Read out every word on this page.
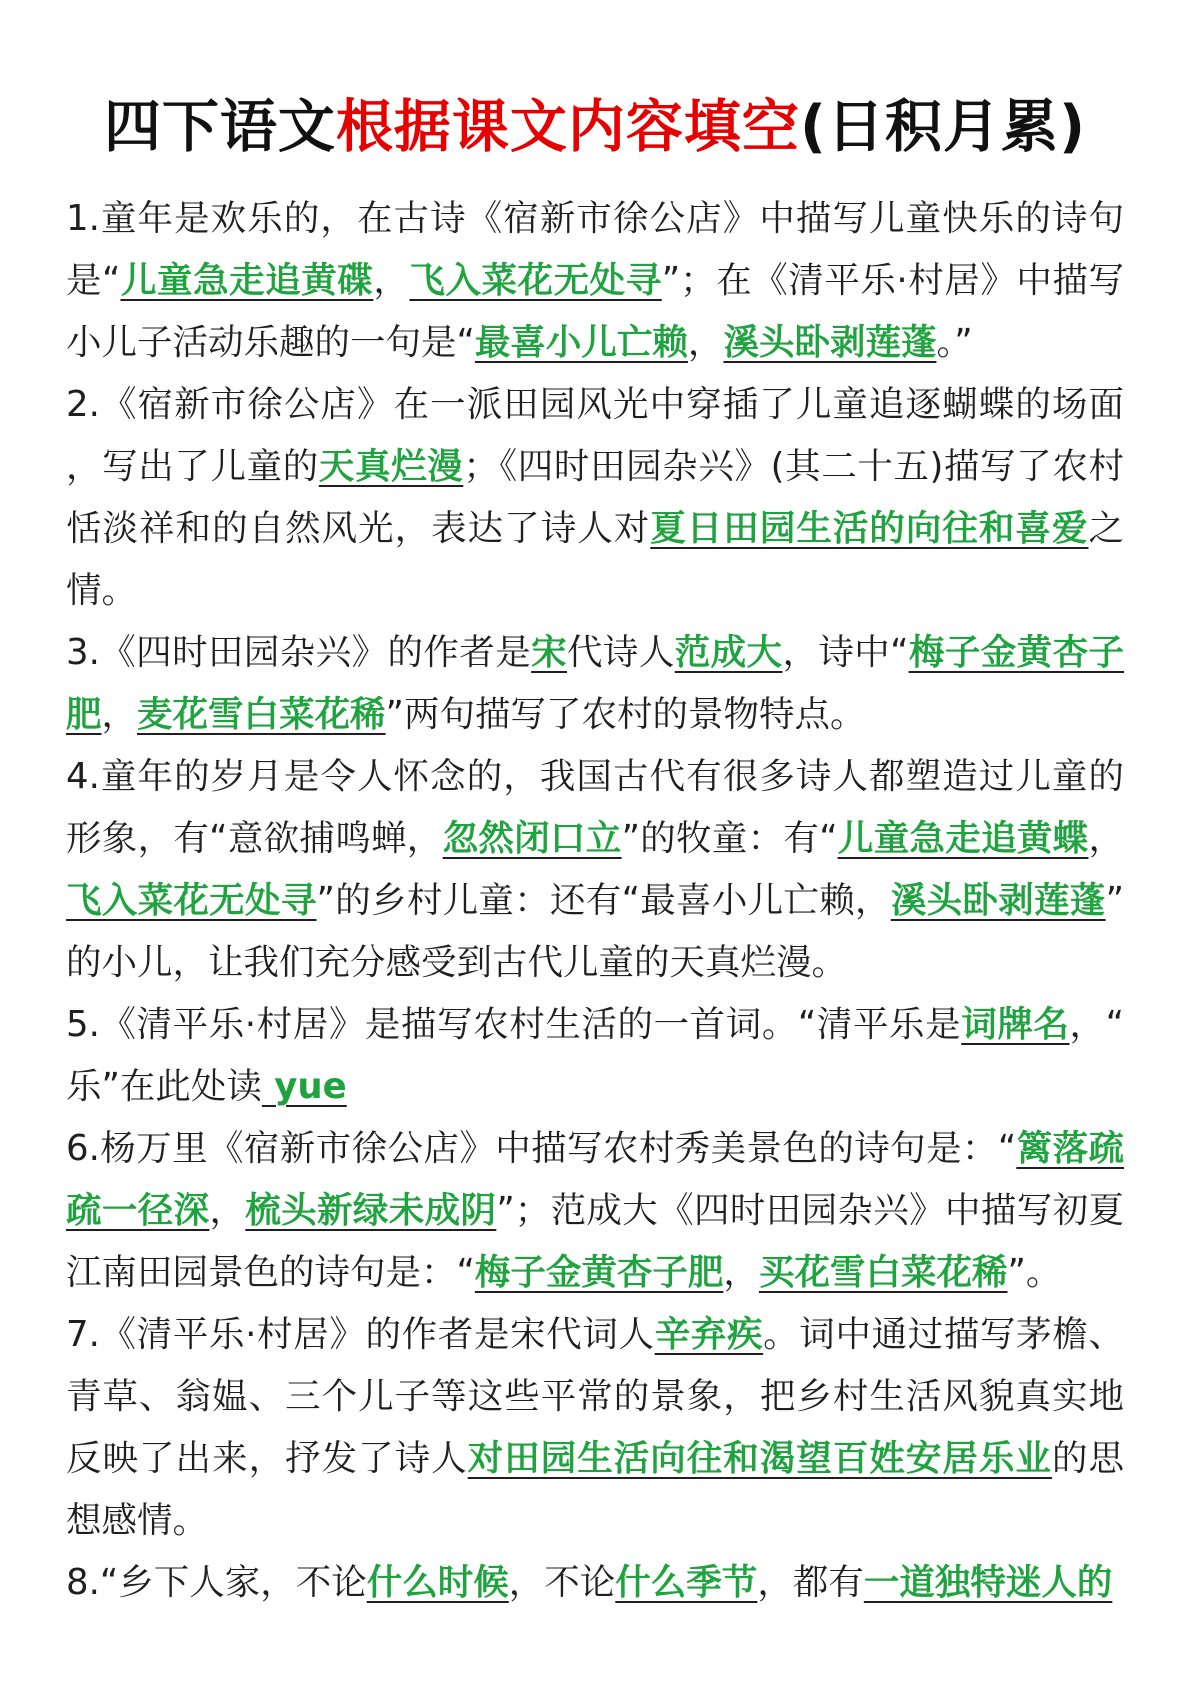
四下语文根据课文内容填空(日积月累)

1.童年是欢乐的，在古诗《宿新市徐公店》中描写儿童快乐的诗句是“儿童急走追黄碟，飞入菜花无处寻”；在《清平乐·村居》中描写小儿子活动乐趣的一句是“最喜小儿亡赖，溪头卧剥莲蓬。”

2.《宿新市徐公店》在一派田园风光中穿插了儿童追逐蝴蝶的场面，写出了儿童的天真烂漫；《四时田园杂兴》(其二十五)描写了农村恬淡祥和的自然风光，表达了诗人对夏日田园生活的向往和喜爱之情。

3.《四时田园杂兴》的作者是宋代诗人范成大，诗中“梅子金黄杏子肥，麦花雪白菜花稀”两句描写了农村的景物特点。

4.童年的岁月是令人怀念的，我国古代有很多诗人都塑造过儿童的形象，有“意欲捕鸣蝉，忽然闭口立”的牧童：有“儿童急走追黄蝶，飞入菜花无处寻”的乡村儿童：还有“最喜小儿亡赖，溪头卧剥莲蓬”的小儿，让我们充分感受到古代儿童的天真烂漫。

5.《清平乐·村居》是描写农村生活的一首词。“清平乐是词牌名，“乐”在此处读 yue

6.杨万里《宿新市徐公店》中描写农村秀美景色的诗句是：“篱落疏疏一径深，梳头新绿未成阴”；范成大《四时田园杂兴》中描写初夏江南田园景色的诗句是：“梅子金黄杏子肥，买花雪白菜花稀”。

7.《清平乐·村居》的作者是宋代词人辛弃疾。词中通过描写茅檐、青草、翁媪、三个儿子等这些平常的景象，把乡村生活风貌真实地反映了出来，抒发了诗人对田园生活向往和渴望百姓安居乐业的思想感情。

8.“乡下人家，不论什么时候，不论什么季节，都有一道独特迷人的
